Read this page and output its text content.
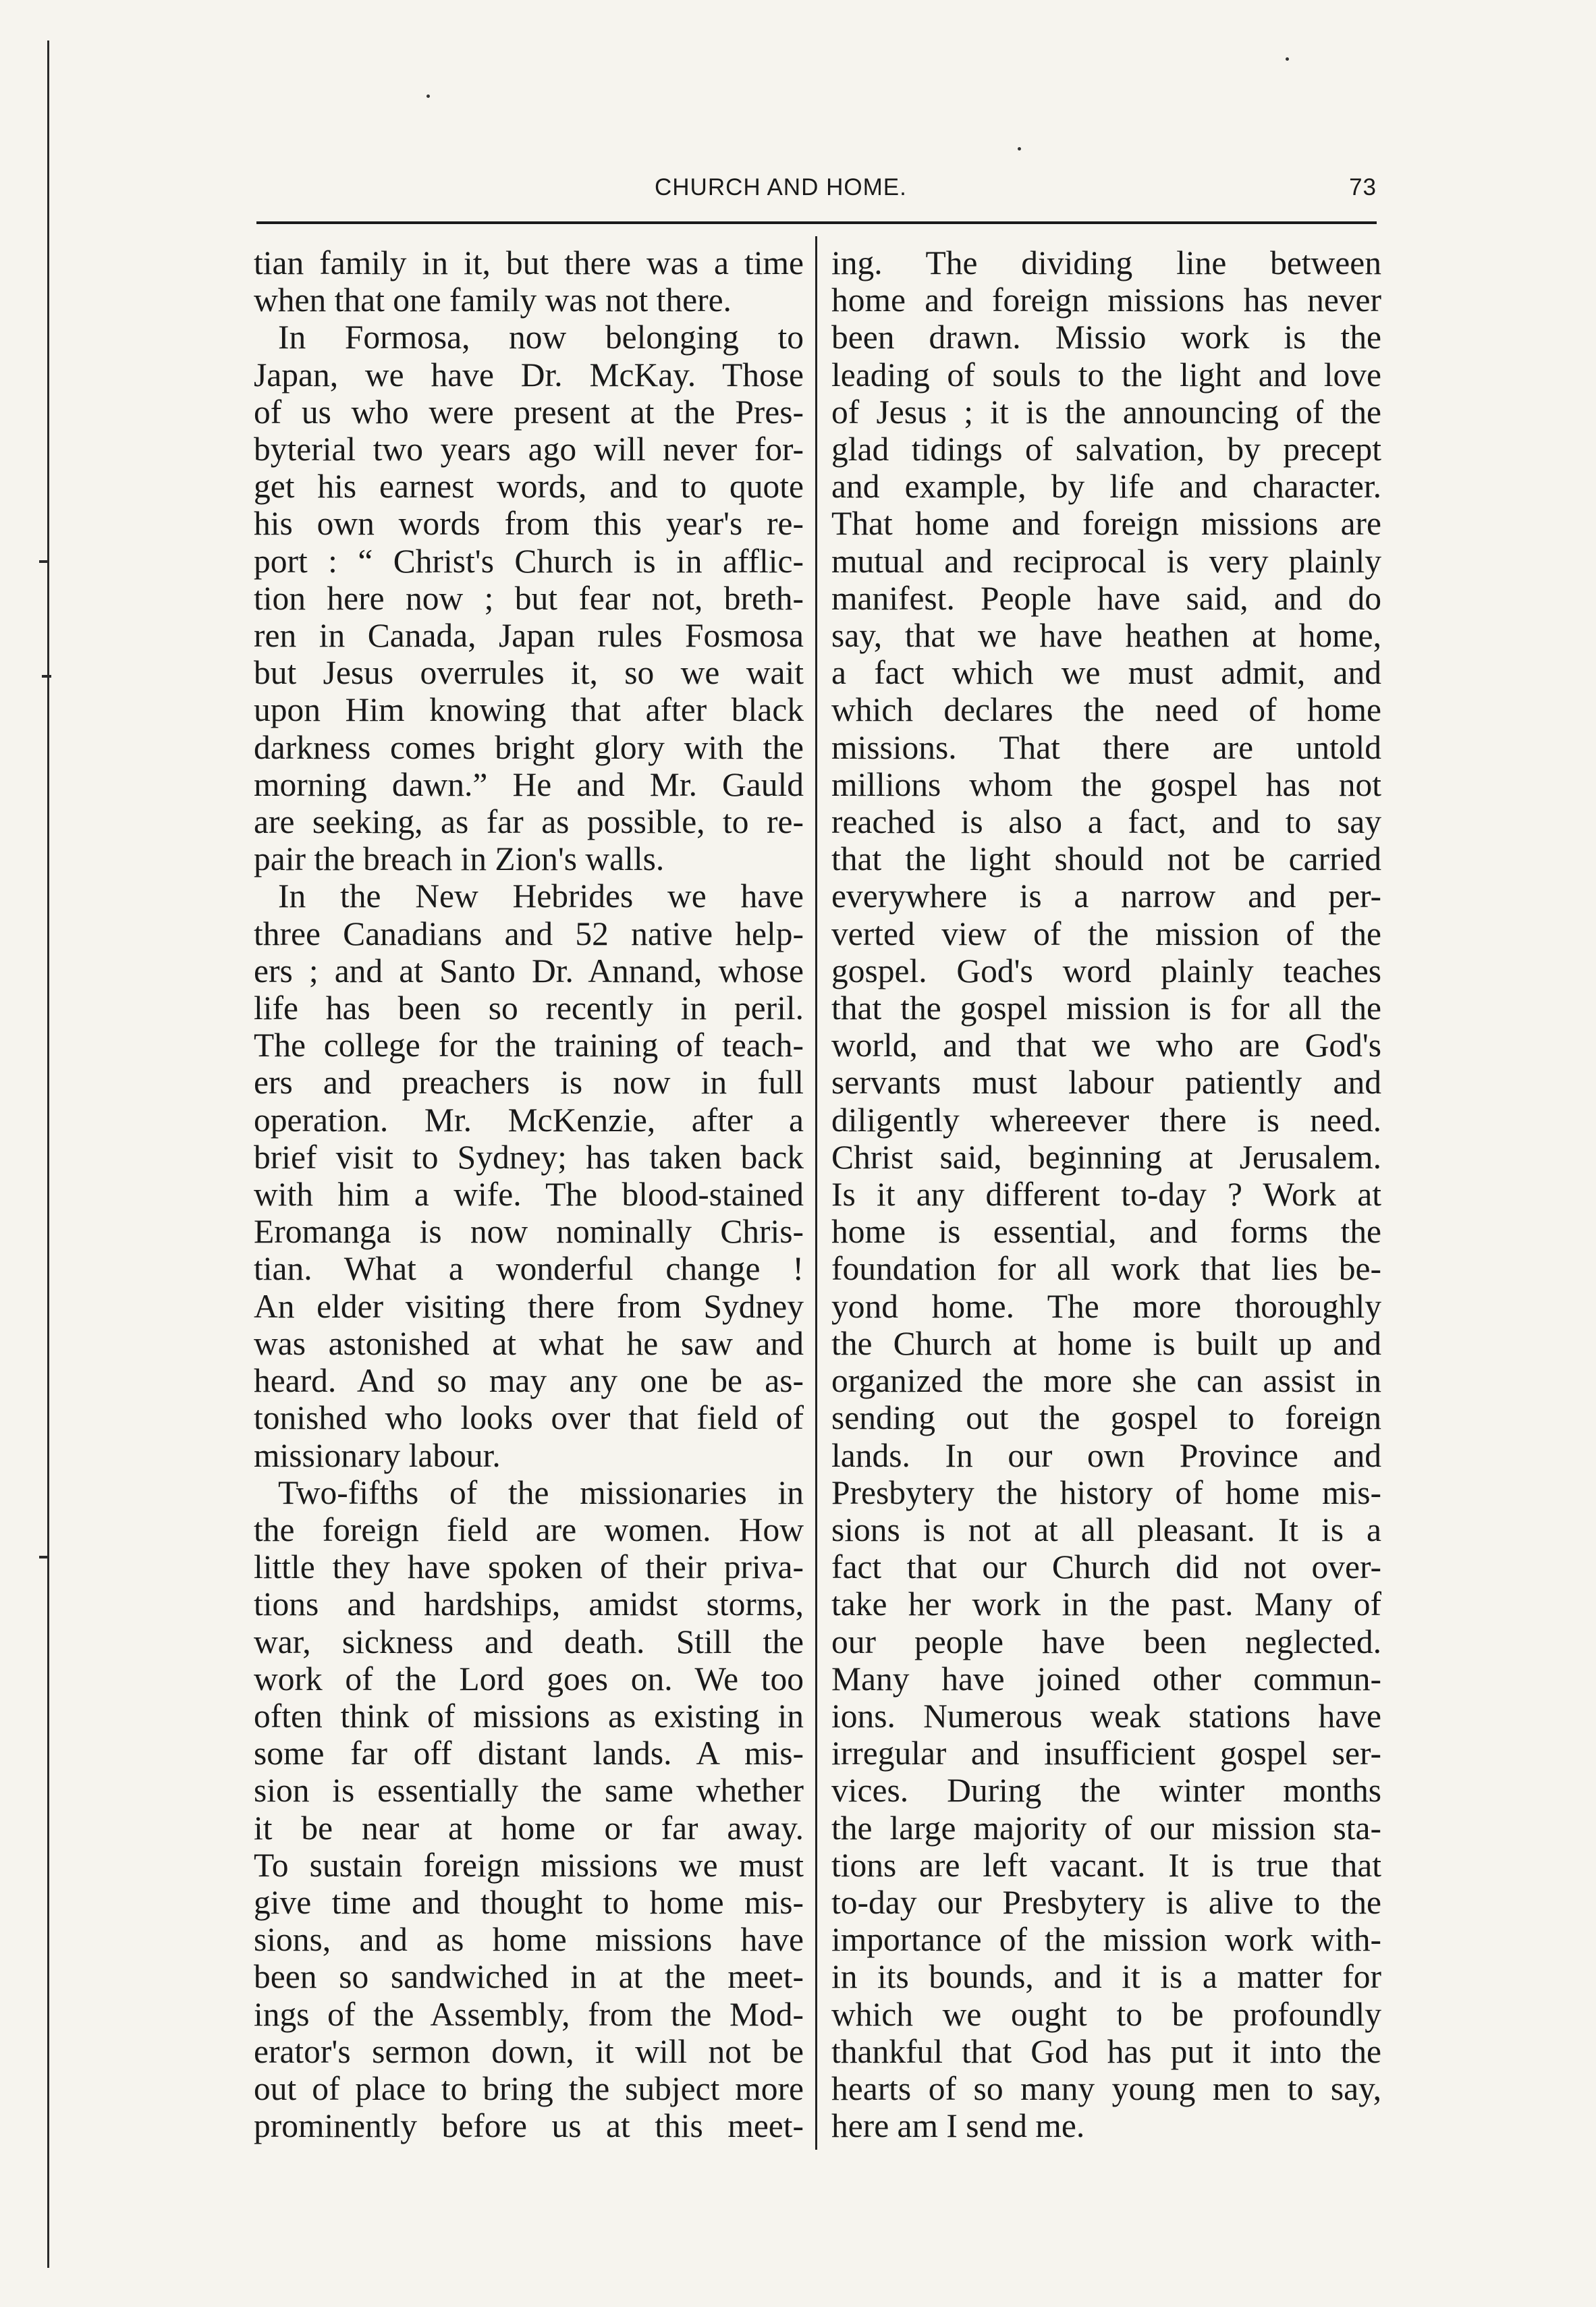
CHURCH AND HOME.	73
tian family in it, but there was a time
when that one family was not there.
In Formosa, now belonging to
Japan, we have Dr. McKay. Those
of us who were present at the Pres-
byterial two years ago will never for-
get his earnest words, and to quote
his own words from this year's re-
port : “ Christ's Church is in afflic-
tion here now ; but fear not, breth-
ren in Canada, Japan rules Fosmosa
but Jesus overrules it, so we wait
upon Him knowing that after black
darkness comes bright glory with the
morning dawn.” He and Mr. Gauld
are seeking, as far as possible, to re-
pair the breach in Zion's walls.
In the New Hebrides we have
three Canadians and 52 native help-
ers ; and at Santo Dr. Annand, whose
life has been so recently in peril.
The college for the training of teach-
ers and preachers is now in full
operation. Mr. McKenzie, after a
brief visit to Sydney; has taken back
with him a wife. The blood-stained
Eromanga is now nominally Chris-
tian. What a wonderful change !
An elder visiting there from Sydney
was astonished at what he saw and
heard. And so may any one be as-
tonished who looks over that field of
missionary labour.
Two-fifths of the missionaries in
the foreign field are women. How
little they have spoken of their priva-
tions and hardships, amidst storms,
war, sickness and death. Still the
work of the Lord goes on. We too
often think of missions as existing in
some far off distant lands. A mis-
sion is essentially the same whether
it be near at home or far away.
To sustain foreign missions we must
give time and thought to home mis-
sions, and as home missions have
been so sandwiched in at the meet-
ings of the Assembly, from the Mod-
erator's sermon down, it will not be
out of place to bring the subject more
prominently before us at this meet-
ing. The dividing line between
home and foreign missions has never
been drawn. Missio work is the
leading of souls to the light and love
of Jesus ; it is the announcing of the
glad tidings of salvation, by precept
and example, by life and character.
That home and foreign missions are
mutual and reciprocal is very plainly
manifest. People have said, and do
say, that we have heathen at home,
a fact which we must admit, and
which declares the need of home
missions. That there are untold
millions whom the gospel has not
reached is also a fact, and to say
that the light should not be carried
everywhere is a narrow and per-
verted view of the mission of the
gospel. God's word plainly teaches
that the gospel mission is for all the
world, and that we who are God's
servants must labour patiently and
diligently whereever there is need.
Christ said, beginning at Jerusalem.
Is it any different to-day ? Work at
home is essential, and forms the
foundation for all work that lies be-
yond home. The more thoroughly
the Church at home is built up and
organized the more she can assist in
sending out the gospel to foreign
lands. In our own Province and
Presbytery the history of home mis-
sions is not at all pleasant. It is a
fact that our Church did not over-
take her work in the past. Many of
our people have been neglected.
Many have joined other commun-
ions. Numerous weak stations have
irregular and insufficient gospel ser-
vices. During the winter months
the large majority of our mission sta-
tions are left vacant. It is true that
to-day our Presbytery is alive to the
importance of the mission work with-
in its bounds, and it is a matter for
which we ought to be profoundly
thankful that God has put it into the
hearts of so many young men to say,
here am I send me.
